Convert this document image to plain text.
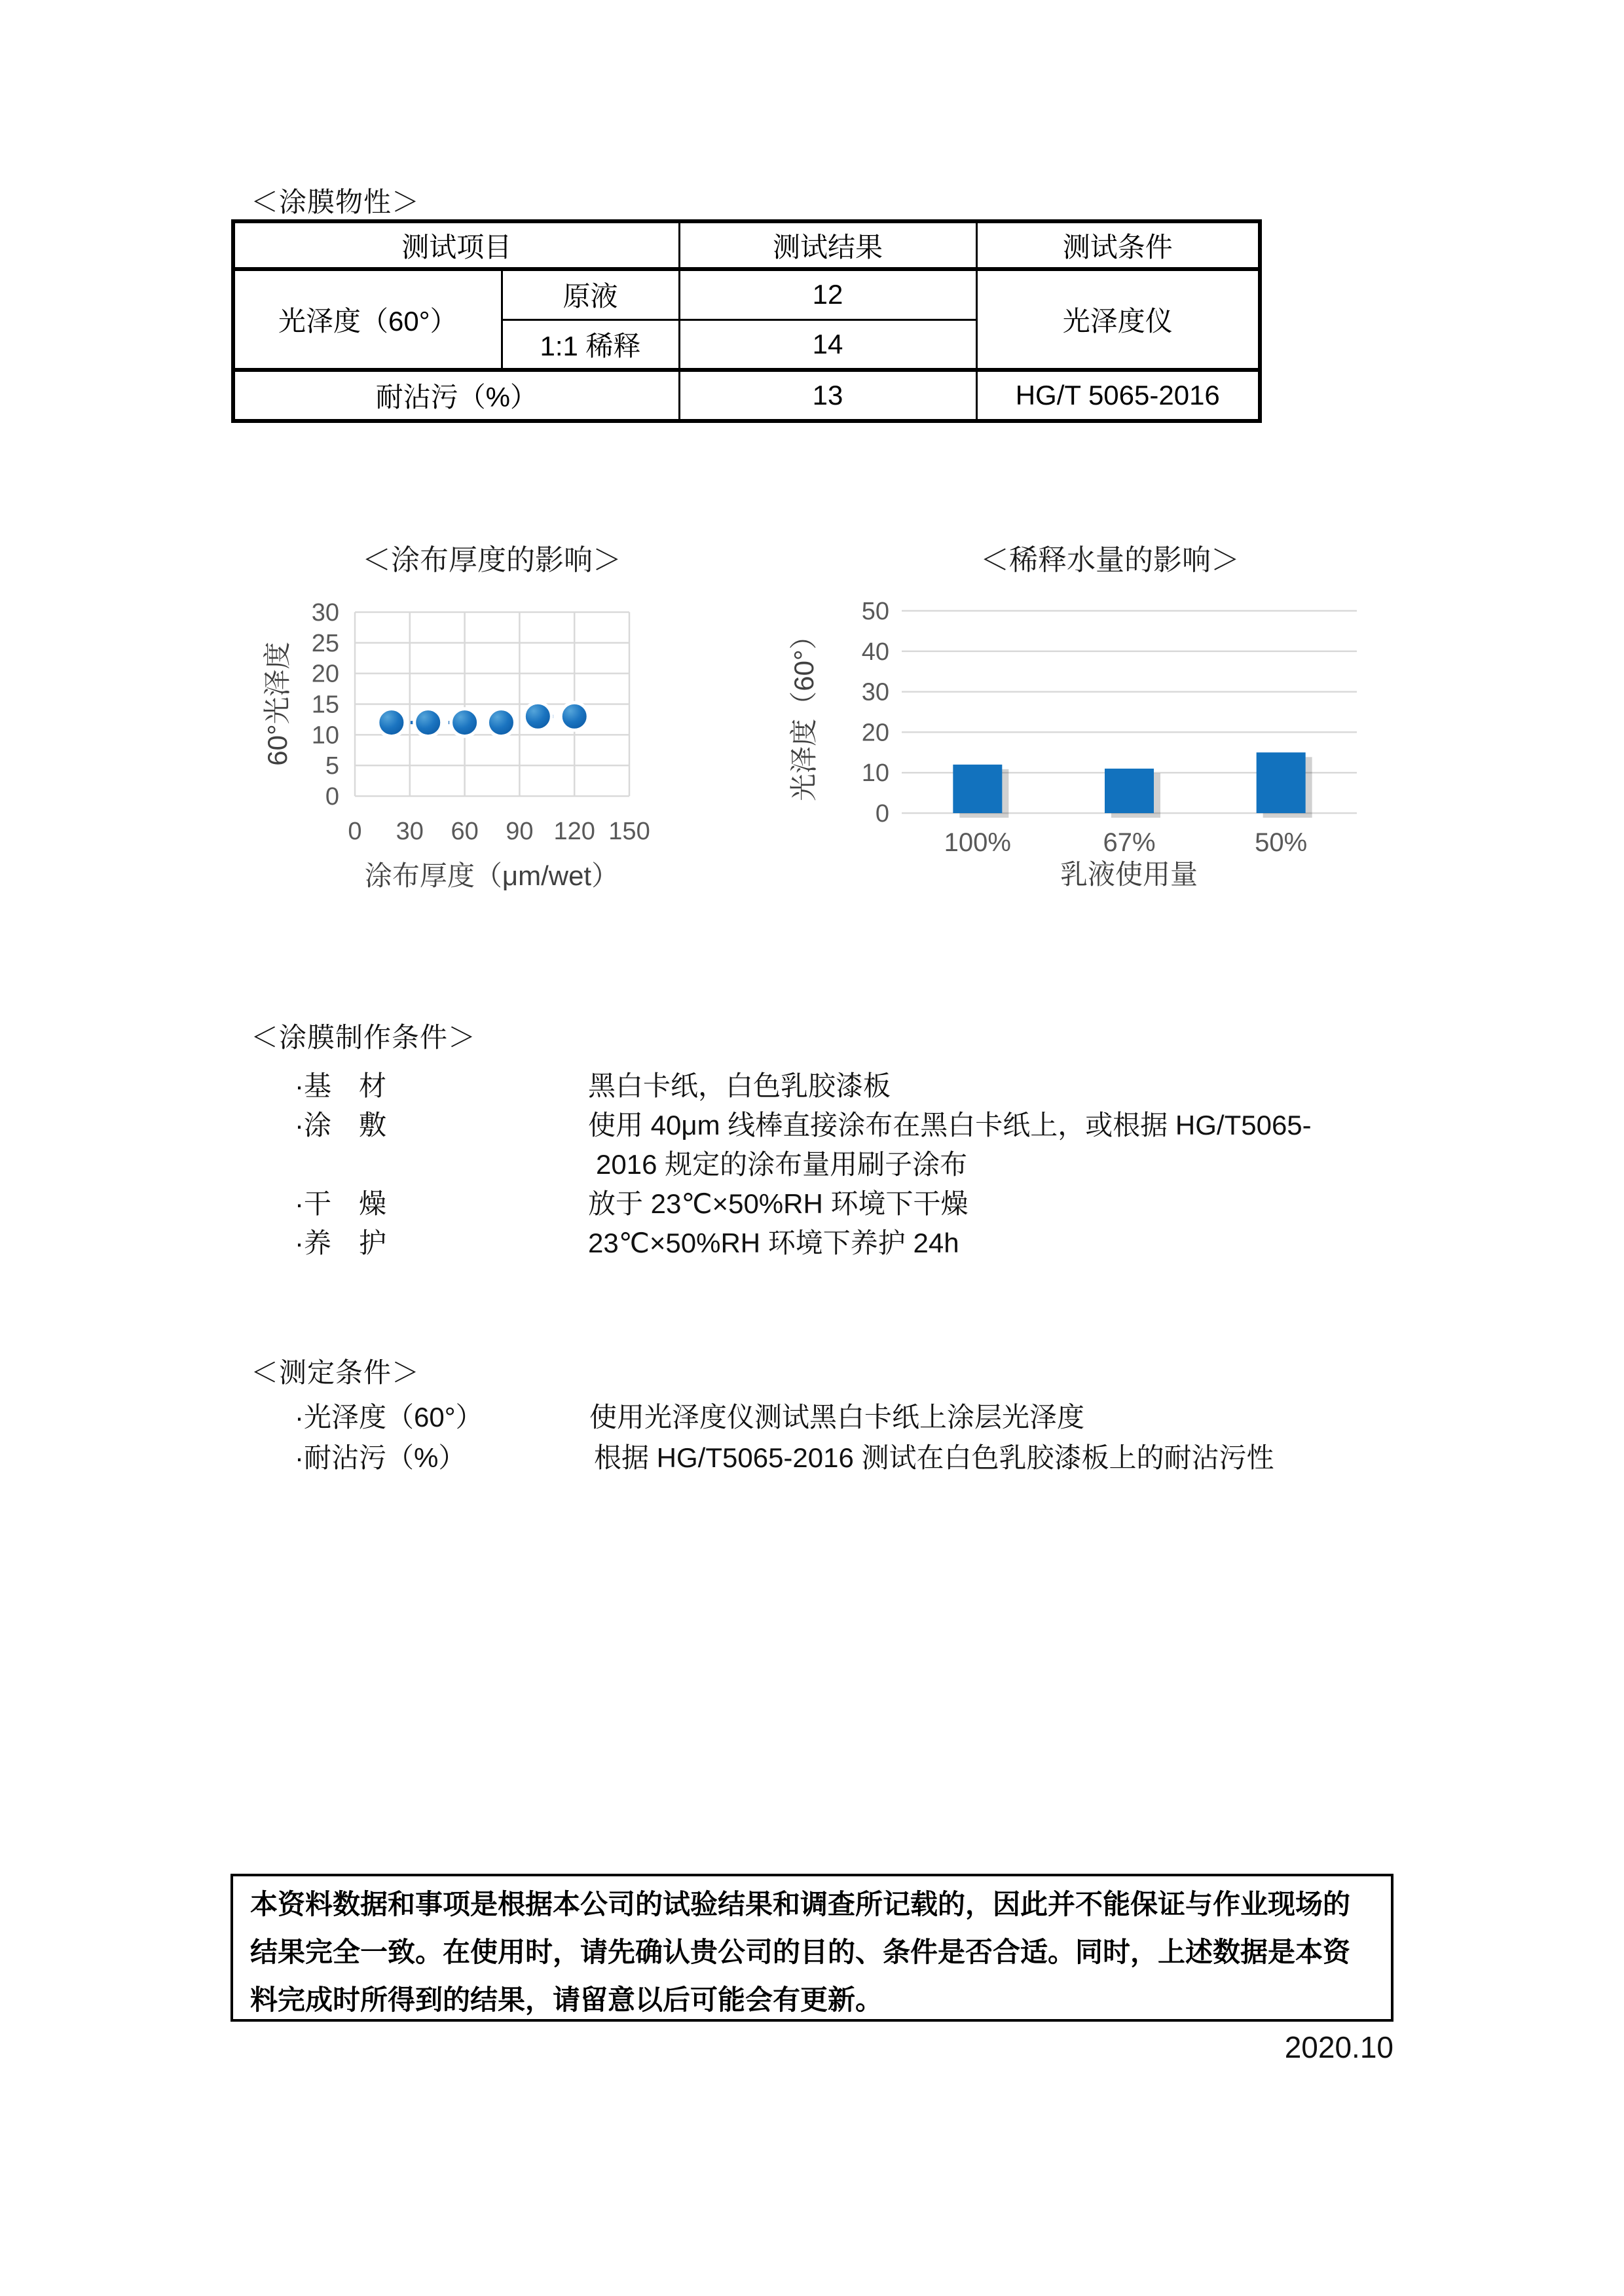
＜涂膜物性＞
测试项目		测试结果	测试条件
光泽度（60°）	原液	12	光泽度仪
	1:1 稀释	14	
耐沾污（%）		13	HG/T 5065-2016
＜涂布厚度的影响＞
0 30 60 90 120 150
0
5
10
15
20
25
30
涂布厚度（μm/wet）
60°光泽度
＜稀释水量的影响＞
0
10
20
30
40
50
100%	67%	50%
乳液使用量
光泽度（60°）
＜涂膜制作条件＞
·基　材	黑白卡纸，白色乳胶漆板
·涂　敷	使用 40μm 线棒直接涂布在黑白卡纸上，或根据 HG/T5065-
2016 规定的涂布量用刷子涂布
·干　燥	放于 23℃×50%RH 环境下干燥
·养　护	23℃×50%RH 环境下养护 24h
＜测定条件＞
·光泽度（60°）	使用光泽度仪测试黑白卡纸上涂层光泽度
·耐沾污（%）	根据 HG/T5065-2016 测试在白色乳胶漆板上的耐沾污性
本资料数据和事项是根据本公司的试验结果和调查所记载的，因此并不能保证与作业现场的
结果完全一致。在使用时，请先确认贵公司的目的、条件是否合适。同时，上述数据是本资
料完成时所得到的结果，请留意以后可能会有更新。
2020.10
